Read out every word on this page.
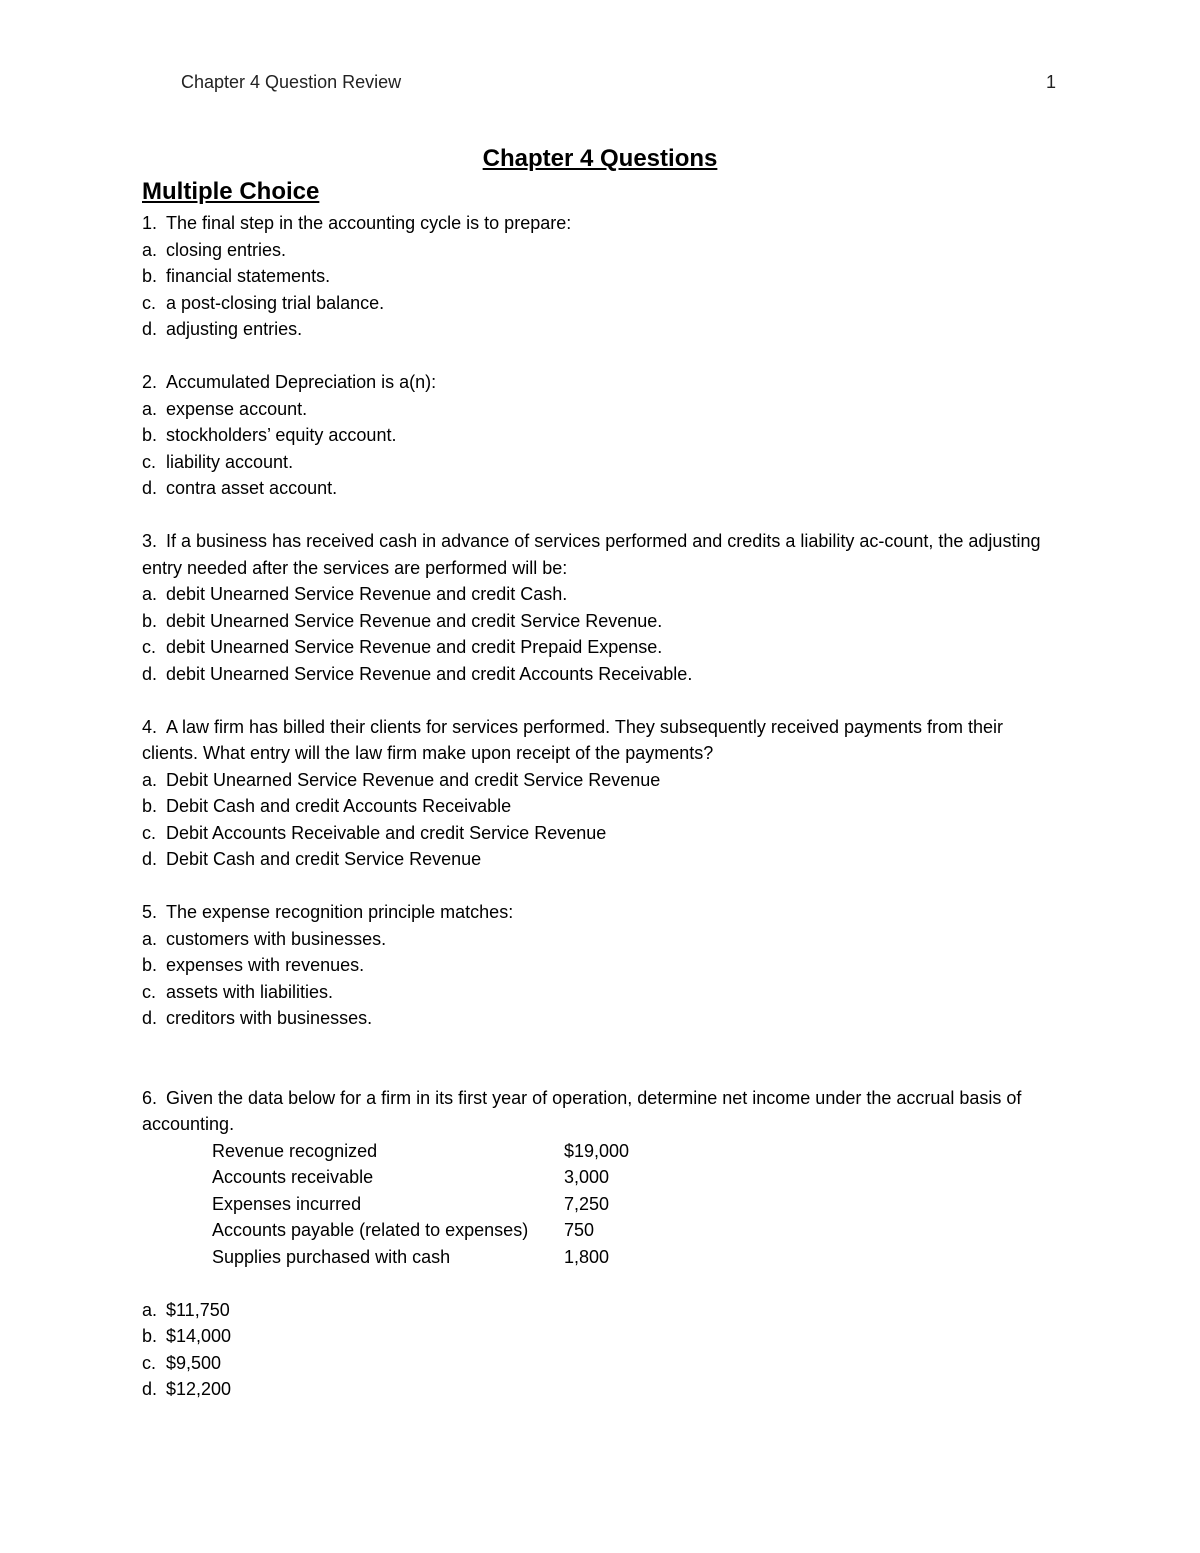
Chapter 4 Question Review	1
Chapter 4 Questions
Multiple Choice
1. The final step in the accounting cycle is to prepare:
a. closing entries.
b. financial statements.
c. a post-closing trial balance.
d. adjusting entries.
2. Accumulated Depreciation is a(n):
a. expense account.
b. stockholders’ equity account.
c. liability account.
d. contra asset account.
3. If a business has received cash in advance of services performed and credits a liability ac-count, the adjusting entry needed after the services are performed will be:
a. debit Unearned Service Revenue and credit Cash.
b. debit Unearned Service Revenue and credit Service Revenue.
c. debit Unearned Service Revenue and credit Prepaid Expense.
d. debit Unearned Service Revenue and credit Accounts Receivable.
4. A law firm has billed their clients for services performed. They subsequently received payments from their clients. What entry will the law firm make upon receipt of the payments?
a. Debit Unearned Service Revenue and credit Service Revenue
b. Debit Cash and credit Accounts Receivable
c. Debit Accounts Receivable and credit Service Revenue
d. Debit Cash and credit Service Revenue
5. The expense recognition principle matches:
a. customers with businesses.
b. expenses with revenues.
c. assets with liabilities.
d. creditors with businesses.
6. Given the data below for a firm in its first year of operation, determine net income under the accrual basis of accounting.
Revenue recognized	$19,000
Accounts receivable	3,000
Expenses incurred	7,250
Accounts payable (related to expenses) 750
Supplies purchased with cash	1,800
a. $11,750
b. $14,000
c. $9,500
d. $12,200
